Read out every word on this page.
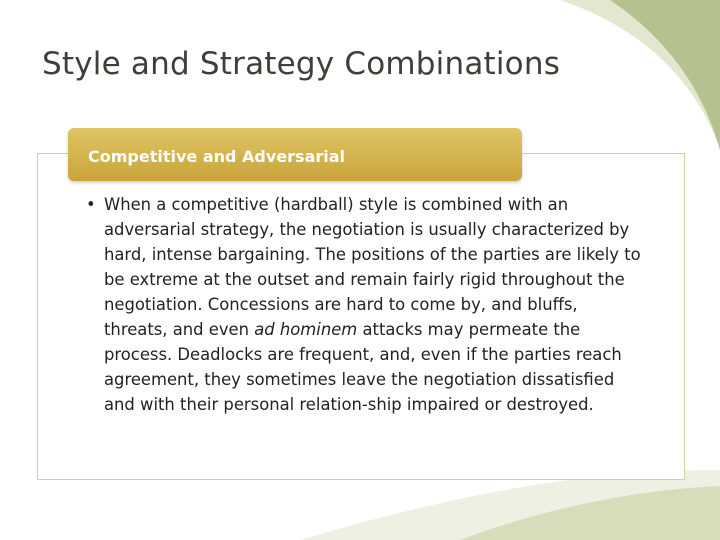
Style and Strategy Combinations
Competitive and Adversarial
• When a competitive (hardball) style is combined with an adversarial strategy, the negotiation is usually characterized by hard, intense bargaining. The positions of the parties are likely to be extreme at the outset and remain fairly rigid throughout the negotiation. Concessions are hard to come by, and bluffs, threats, and even ad hominem attacks may permeate the process. Deadlocks are frequent, and, even if the parties reach agreement, they sometimes leave the negotiation dissatisfied and with their personal relation-ship impaired or destroyed.
